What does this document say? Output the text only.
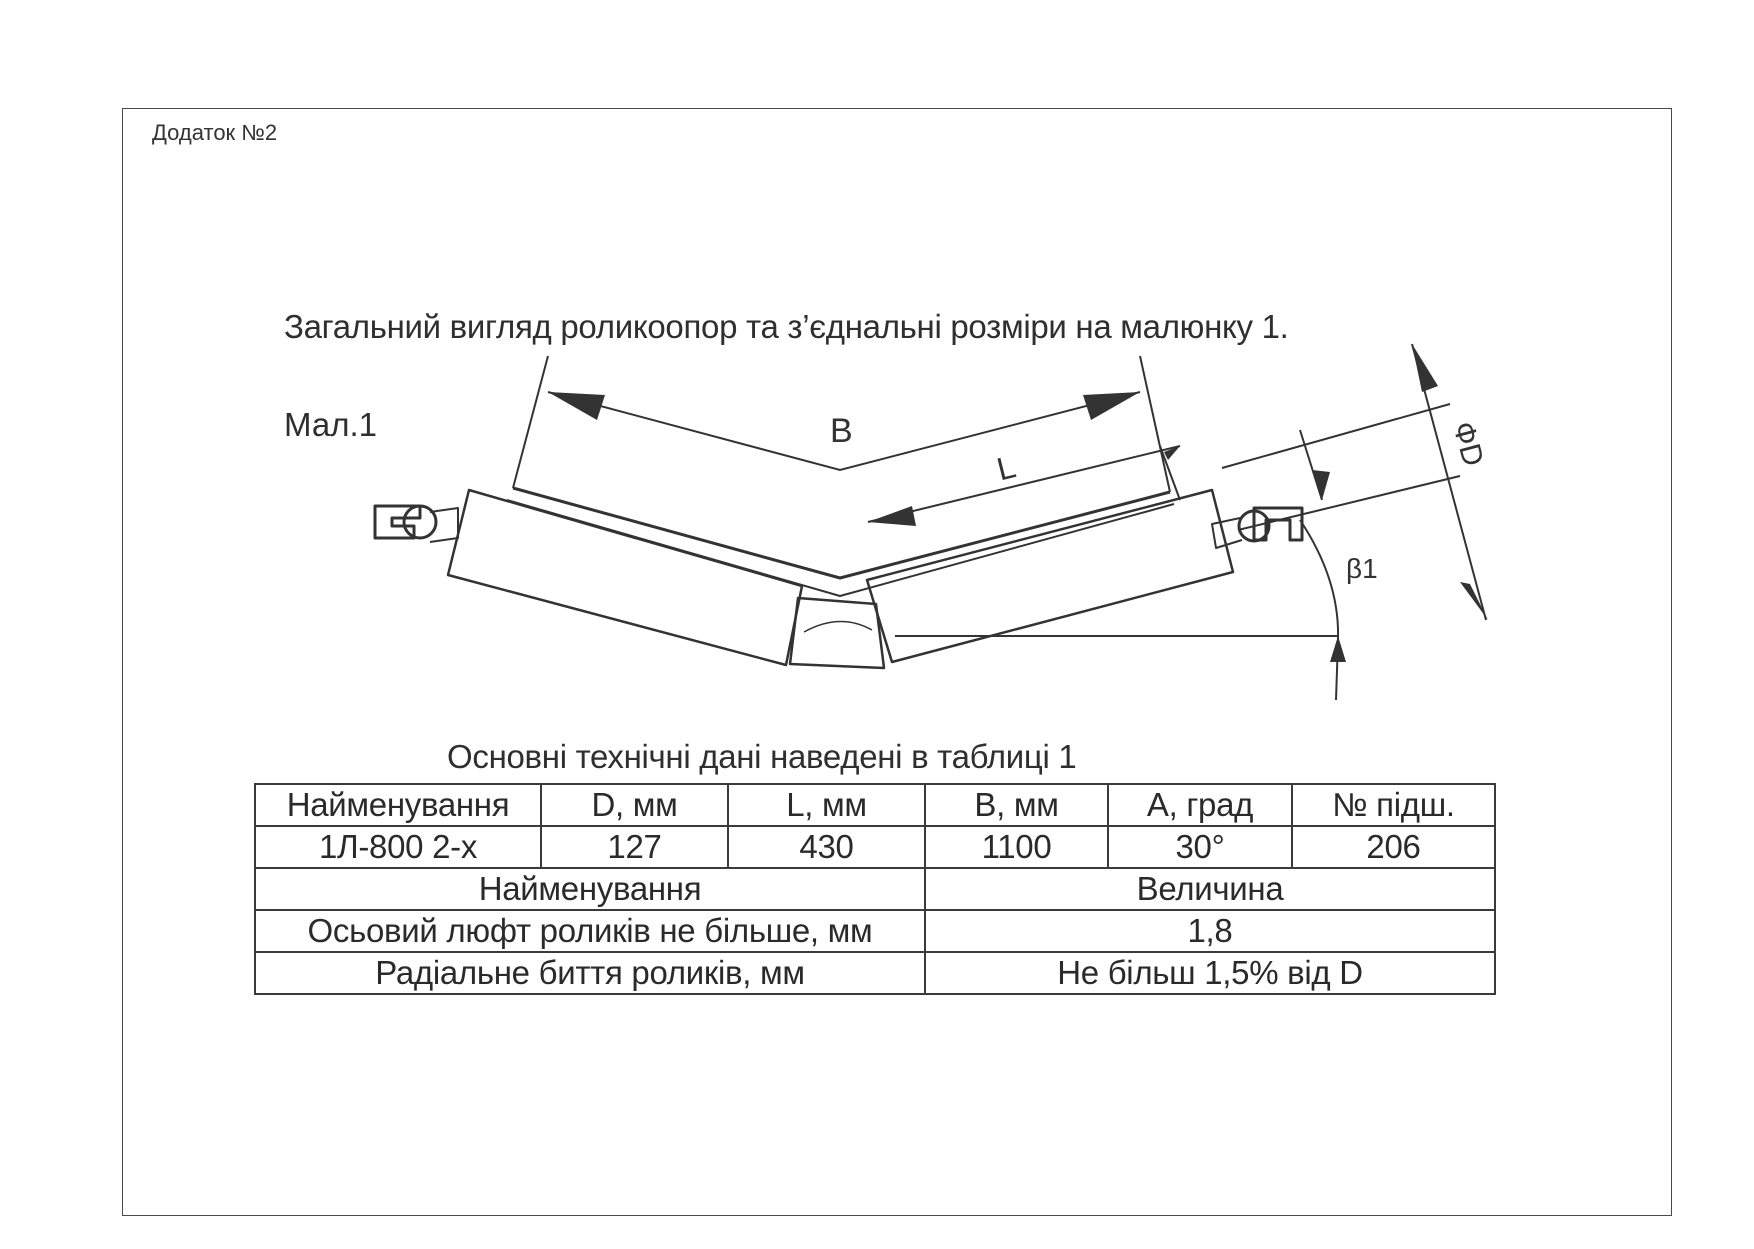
Додаток №2
Загальний вигляд роликоопор та з’єднальні розміри на малюнку 1.
Мал.1	B
L	ФD
β1
Основні технічні дані наведені в таблиці 1
Найменування	D, мм	L, мм	B, мм	A, град	№ підш.
1Л-800 2-х	127	430	1100	30°	206
Найменування			Величина		
Осьовий люфт роликів не більше, мм			1,8		
Радіальне биття роликів, мм			Не більш 1,5% від D		
